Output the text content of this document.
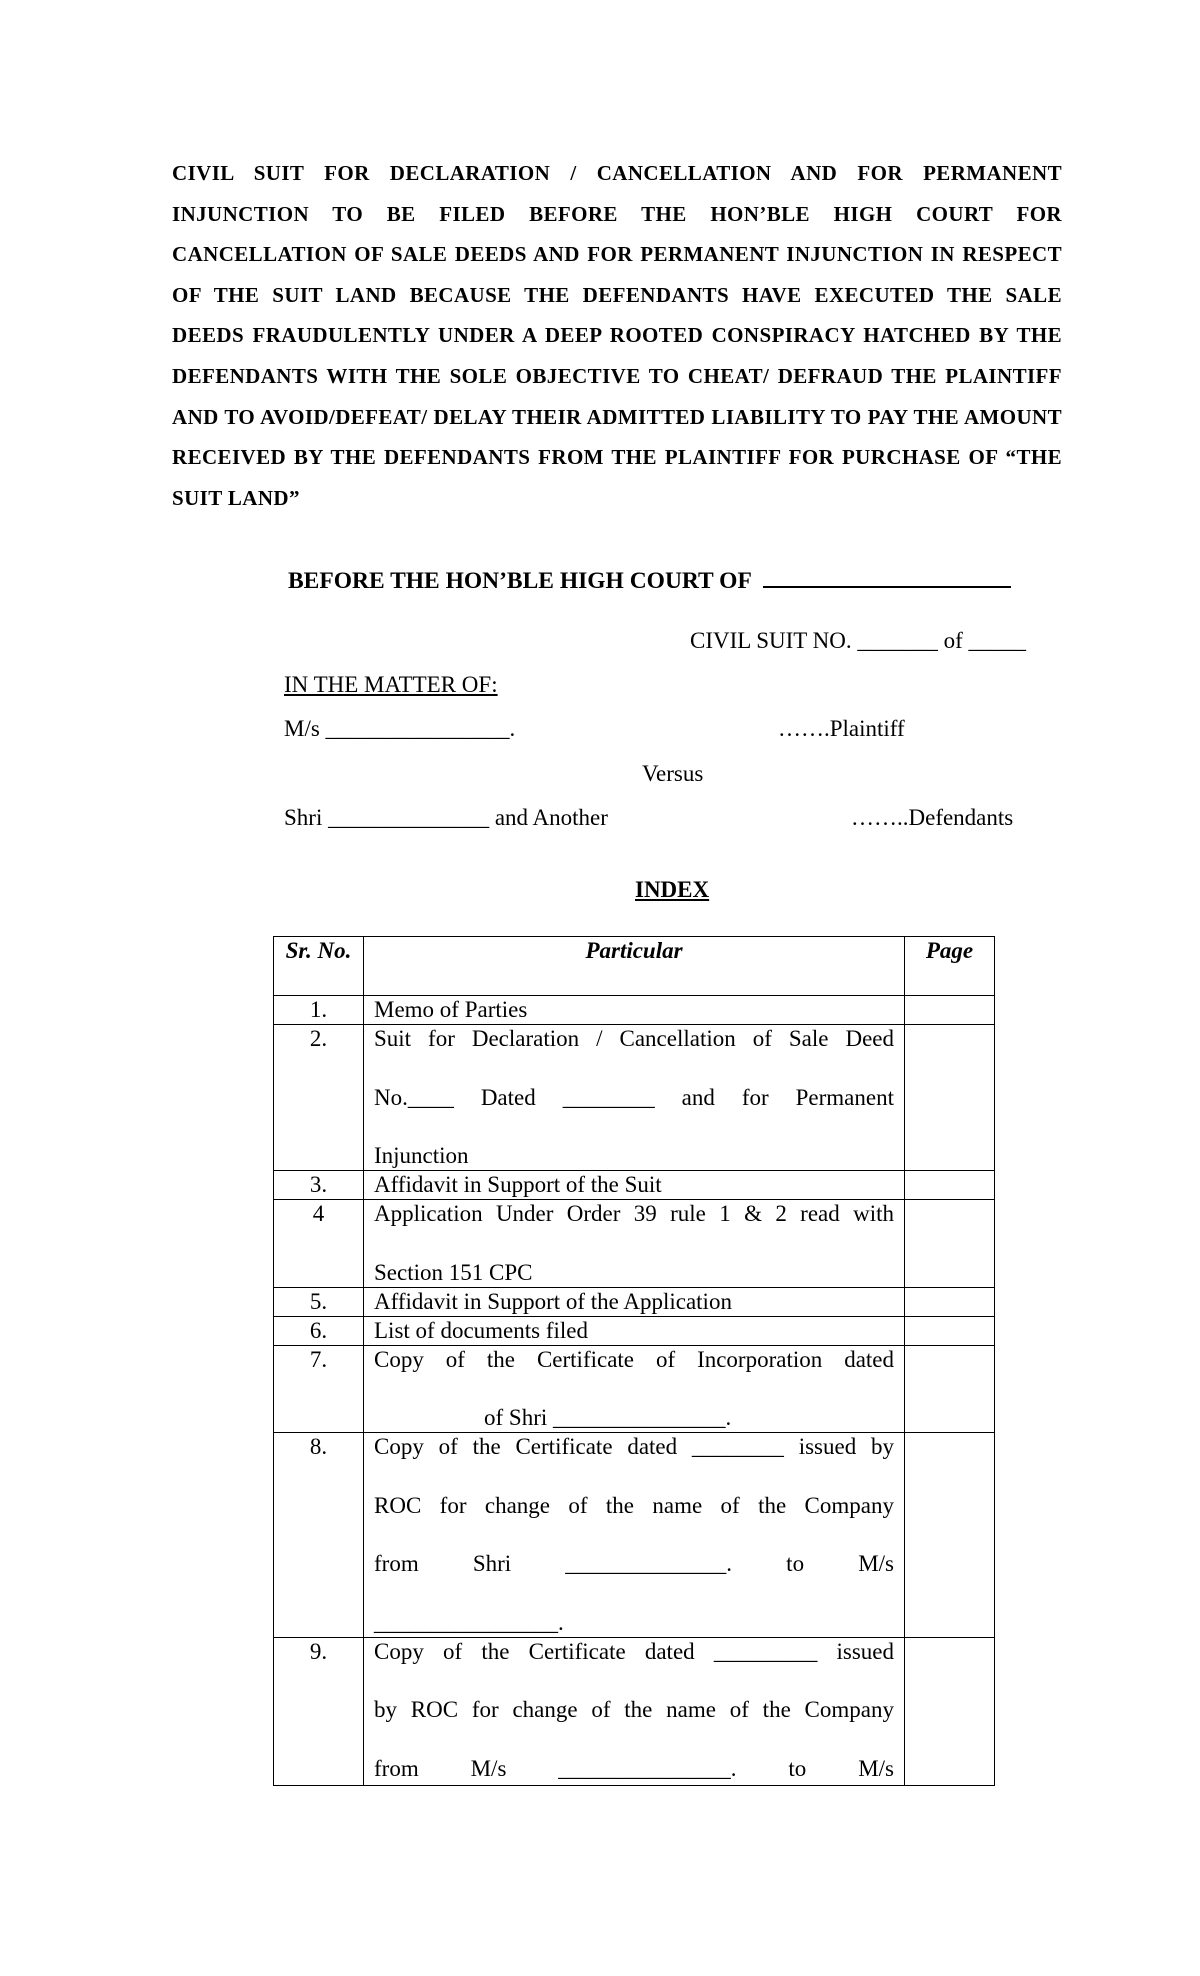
CIVIL SUIT FOR DECLARATION / CANCELLATION AND FOR PERMANENT INJUNCTION TO BE FILED BEFORE THE HON’BLE HIGH COURT FOR CANCELLATION OF SALE DEEDS AND FOR PERMANENT INJUNCTION IN RESPECT OF THE SUIT LAND BECAUSE THE DEFENDANTS HAVE EXECUTED THE SALE DEEDS FRAUDULENTLY UNDER A DEEP ROOTED CONSPIRACY HATCHED BY THE DEFENDANTS WITH THE SOLE OBJECTIVE TO CHEAT/ DEFRAUD THE PLAINTIFF AND TO AVOID/DEFEAT/ DELAY THEIR ADMITTED LIABILITY TO PAY THE AMOUNT RECEIVED BY THE DEFENDANTS FROM THE PLAINTIFF FOR PURCHASE OF “THE SUIT LAND”
BEFORE THE HON’BLE HIGH COURT OF
CIVIL SUIT NO. _______ of _____
IN THE MATTER OF:
M/s ________________.	…….Plaintiff
Versus
Shri ______________ and Another	……..Defendants
INDEX
Sr. No.	Particular	Page
1.	Memo of Parties	
2.	Suit for Declaration / Cancellation of Sale Deed
No.____ Dated ________ and for Permanent
Injunction	

3.	Affidavit in Support of the Suit	
4	Application Under Order 39 rule 1 & 2 read with
Section 151 CPC	

5.	Affidavit in Support of the Application	
6.	List of documents filed	
7.	Copy of the Certificate of Incorporation dated
of Shri _______________.	

8.	Copy of the Certificate dated ________ issued by
ROC for change of the name of the Company
from Shri ______________. to M/s
________________.	

9.	Copy of the Certificate dated _________ issued
by ROC for change of the name of the Company
from M/s _______________. to M/s	
